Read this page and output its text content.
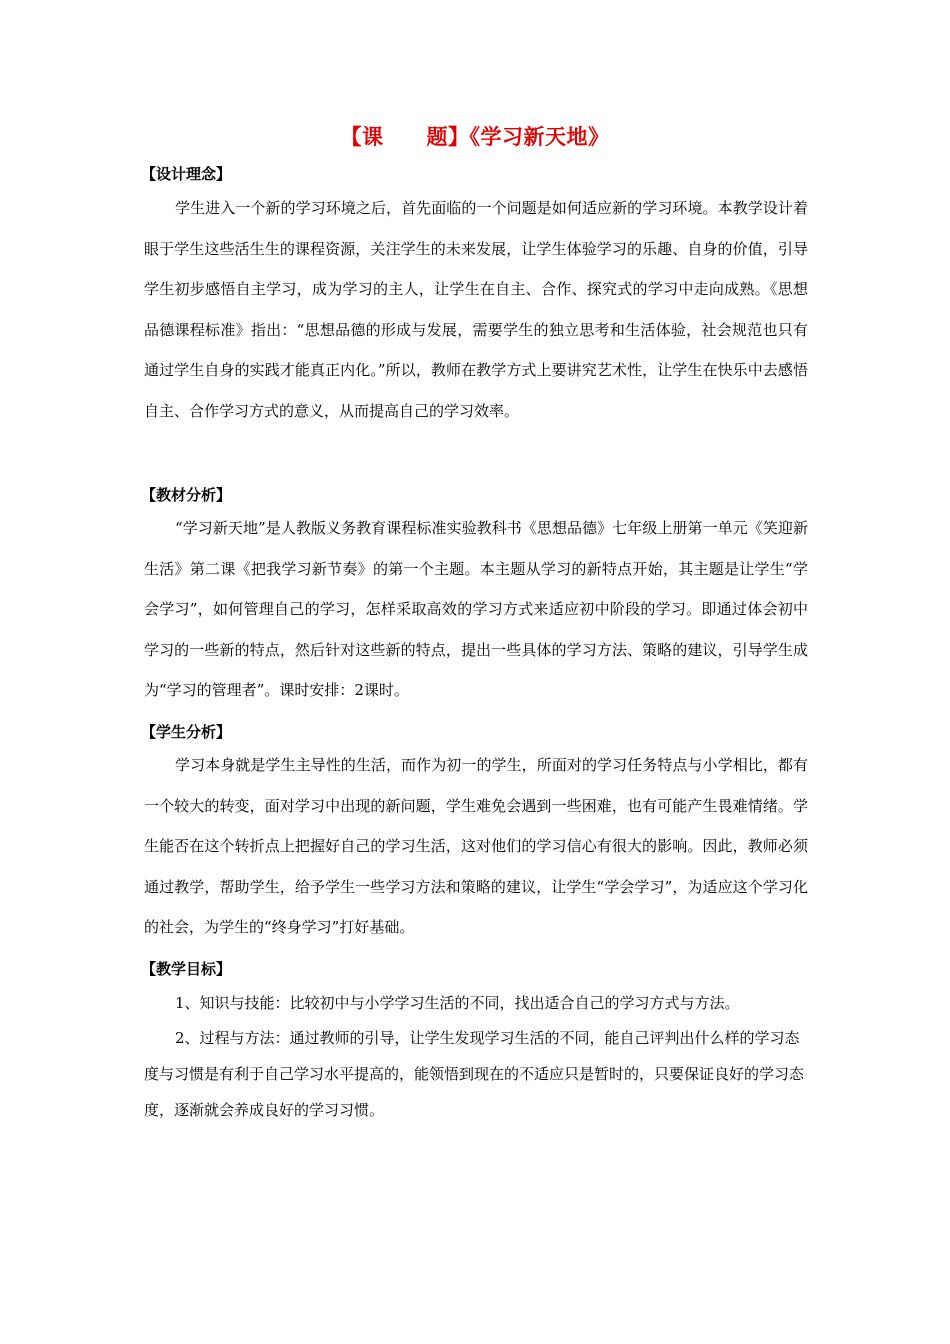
【课　　题】《学习新天地》
【设计理念】
学生进入一个新的学习环境之后，首先面临的一个问题是如何适应新的学习环境。本教学设计着眼于学生这些活生生的课程资源，关注学生的未来发展，让学生体验学习的乐趣、自身的价值，引导学生初步感悟自主学习，成为学习的主人，让学生在自主、合作、探究式的学习中走向成熟。《思想品德课程标准》指出：“思想品德的形成与发展，需要学生的独立思考和生活体验，社会规范也只有通过学生自身的实践才能真正内化。”所以，教师在教学方式上要讲究艺术性，让学生在快乐中去感悟自主、合作学习方式的意义，从而提高自己的学习效率。
【教材分析】
“学习新天地”是人教版义务教育课程标准实验教科书《思想品德》七年级上册第一单元《笑迎新生活》第二课《把我学习新节奏》的第一个主题。本主题从学习的新特点开始，其主题是让学生“学会学习”，如何管理自己的学习，怎样采取高效的学习方式来适应初中阶段的学习。即通过体会初中学习的一些新的特点，然后针对这些新的特点，提出一些具体的学习方法、策略的建议，引导学生成为“学习的管理者”。课时安排：2课时。
【学生分析】
学习本身就是学生主导性的生活，而作为初一的学生，所面对的学习任务特点与小学相比，都有一个较大的转变，面对学习中出现的新问题，学生难免会遇到一些困难，也有可能产生畏难情绪。学生能否在这个转折点上把握好自己的学习生活，这对他们的学习信心有很大的影响。因此，教师必须通过教学，帮助学生，给予学生一些学习方法和策略的建议，让学生“学会学习”，为适应这个学习化的社会，为学生的“终身学习”打好基础。
【教学目标】
1、知识与技能：比较初中与小学学习生活的不同，找出适合自己的学习方式与方法。
2、过程与方法：通过教师的引导，让学生发现学习生活的不同，能自己评判出什么样的学习态度与习惯是有利于自己学习水平提高的，能领悟到现在的不适应只是暂时的，只要保证良好的学习态度，逐渐就会养成良好的学习习惯。
